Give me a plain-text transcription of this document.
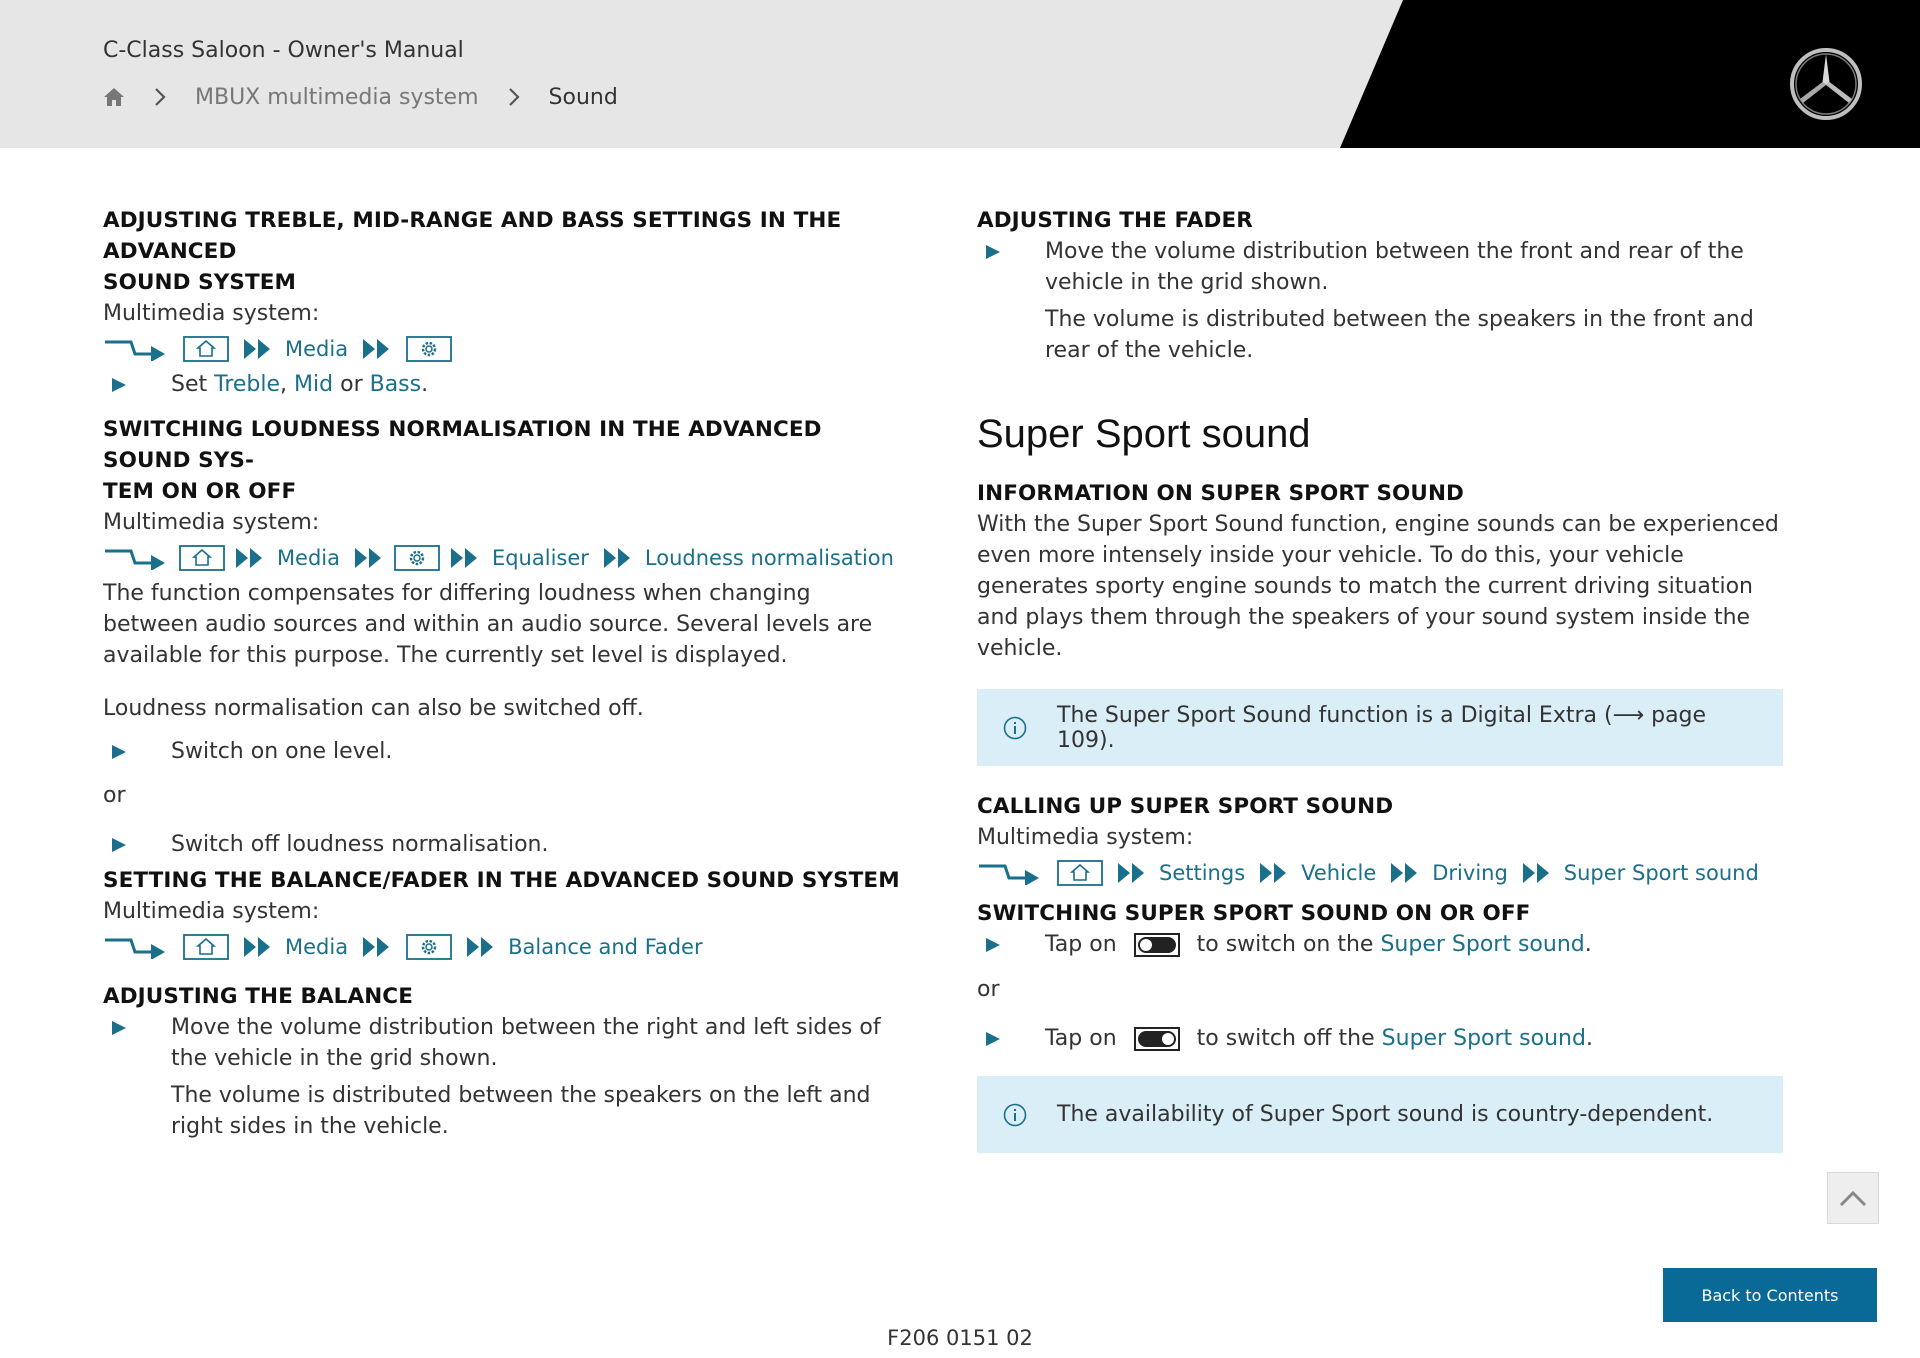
C-Class Saloon - Owner's Manual
MBUX multimedia system	Sound
ADJUSTING TREBLE, MID-RANGE AND BASS SETTINGS IN THE ADVANCED
SOUND SYSTEM
Multimedia system:
Media
Set Treble, Mid or Bass.
SWITCHING LOUDNESS NORMALISATION IN THE ADVANCED SOUND SYS-
TEM ON OR OFF
Multimedia system:
Media	Equaliser	Loudness normalisation
The function compensates for differing loudness when changing between audio sources and within an audio source. Several levels are available for this purpose. The currently set level is displayed.
Loudness normalisation can also be switched off.
Switch on one level.
or
Switch off loudness normalisation.
SETTING THE BALANCE/FADER IN THE ADVANCED SOUND SYSTEM
Multimedia system:
Media	Balance and Fader
ADJUSTING THE BALANCE
Move the volume distribution between the right and left sides of the vehicle in the grid shown.
The volume is distributed between the speakers on the left and right sides in the vehicle.
ADJUSTING THE FADER
Move the volume distribution between the front and rear of the vehicle in the grid shown.
The volume is distributed between the speakers in the front and rear of the vehicle.
Super Sport sound
INFORMATION ON SUPER SPORT SOUND
With the Super Sport Sound function, engine sounds can be experienced even more intensely inside your vehicle. To do this, your vehicle generates sporty engine sounds to match the current driving situation and plays them through the speakers of your sound system inside the vehicle.
The Super Sport Sound function is a Digital Extra (⟶ page 109).
CALLING UP SUPER SPORT SOUND
Multimedia system:
Settings	Vehicle	Driving	Super Sport sound
SWITCHING SUPER SPORT SOUND ON OR OFF
Tap on	to switch on the Super Sport sound.
or
Tap on	to switch off the Super Sport sound.
The availability of Super Sport sound is country-dependent.
Back to Contents
F206 0151 02
